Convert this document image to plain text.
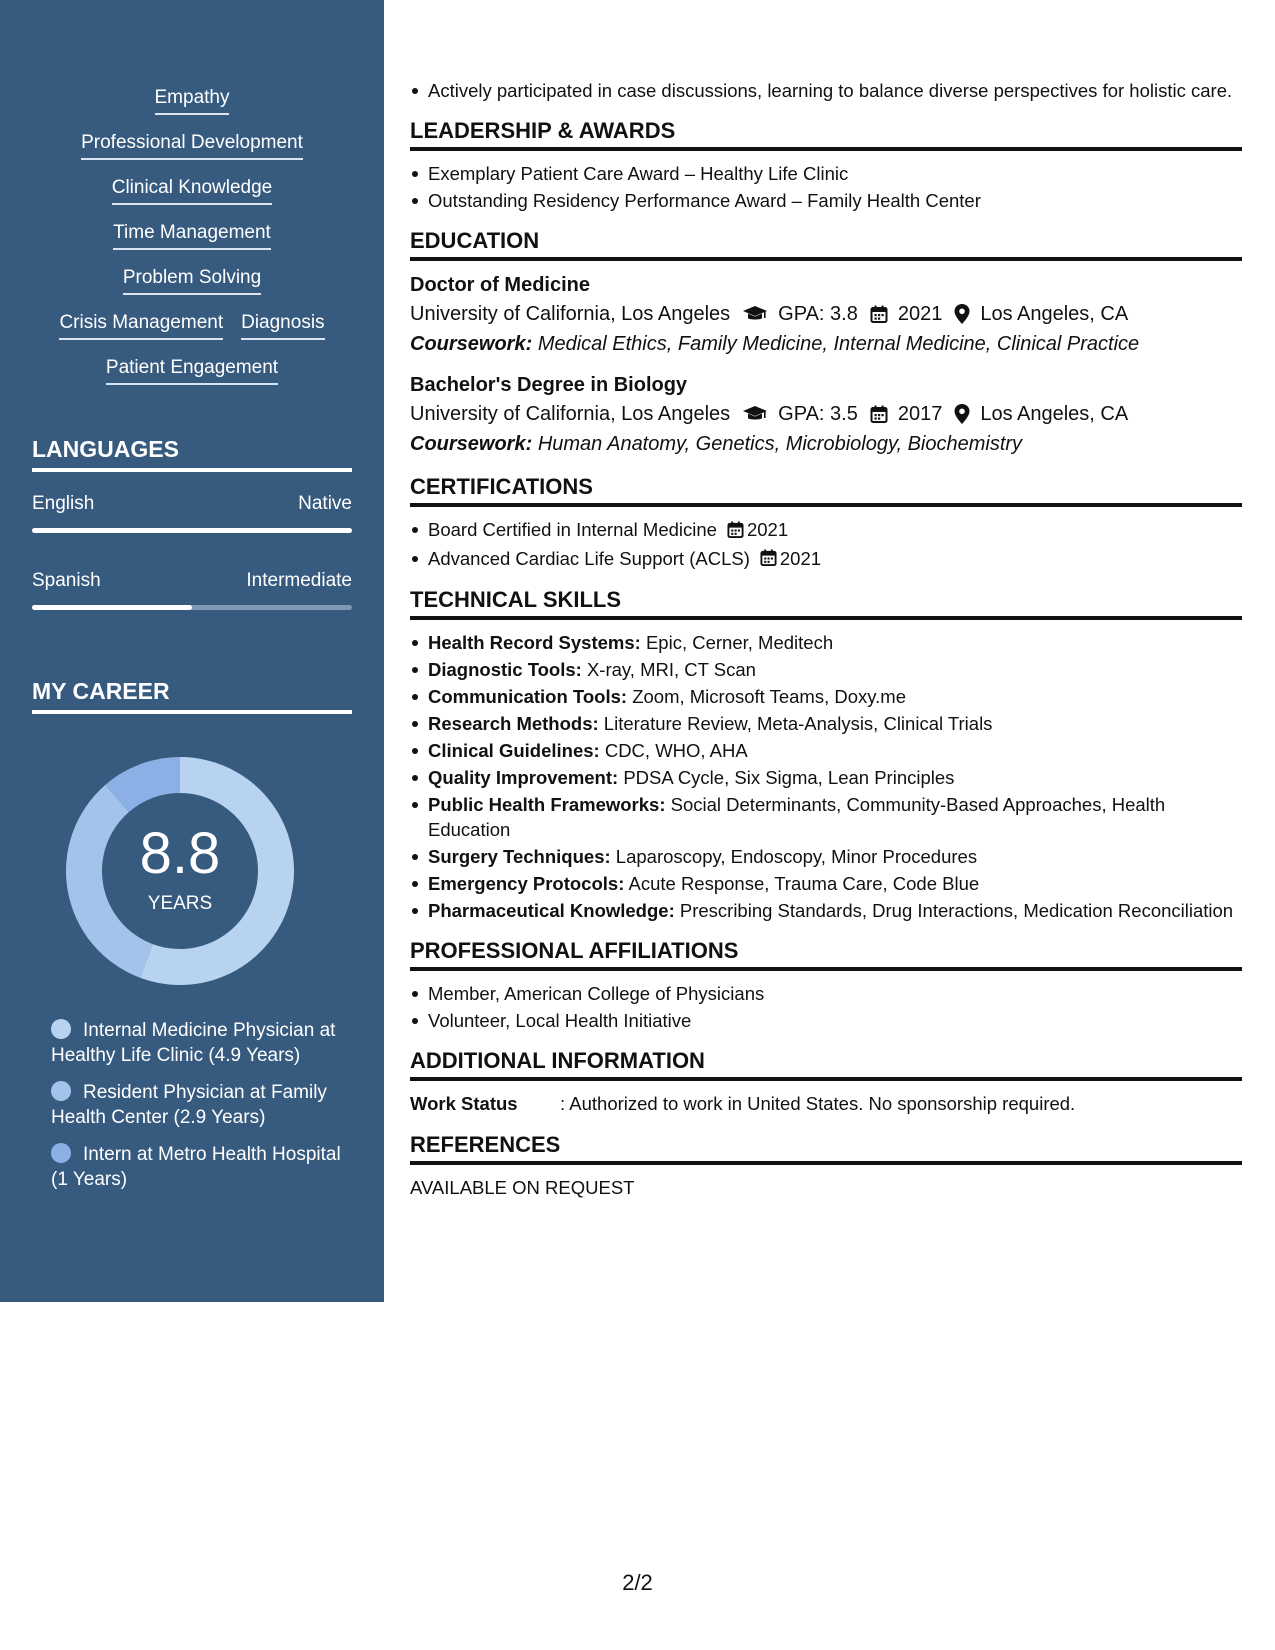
Empathy
Professional Development
Clinical Knowledge
Time Management
Problem Solving
Crisis Management Diagnosis
Patient Engagement
LANGUAGES
English	Native
Spanish	Intermediate
MY CAREER
8.8
YEARS
Internal Medicine Physician at Healthy Life Clinic (4.9 Years)
Resident Physician at Family Health Center (2.9 Years)
Intern at Metro Health Hospital (1 Years)
Actively participated in case discussions, learning to balance diverse perspectives for holistic care.
LEADERSHIP & AWARDS
Exemplary Patient Care Award – Healthy Life Clinic
Outstanding Residency Performance Award – Family Health Center
EDUCATION
Doctor of Medicine
University of California, Los Angeles GPA: 3.8 2021 Los Angeles, CA
Coursework: Medical Ethics, Family Medicine, Internal Medicine, Clinical Practice
Bachelor's Degree in Biology
University of California, Los Angeles GPA: 3.5 2017 Los Angeles, CA
Coursework: Human Anatomy, Genetics, Microbiology, Biochemistry
CERTIFICATIONS
Board Certified in Internal Medicine 2021
Advanced Cardiac Life Support (ACLS) 2021
TECHNICAL SKILLS
Health Record Systems: Epic, Cerner, Meditech
Diagnostic Tools: X-ray, MRI, CT Scan
Communication Tools: Zoom, Microsoft Teams, Doxy.me
Research Methods: Literature Review, Meta-Analysis, Clinical Trials
Clinical Guidelines: CDC, WHO, AHA
Quality Improvement: PDSA Cycle, Six Sigma, Lean Principles
Public Health Frameworks: Social Determinants, Community-Based Approaches, Health Education
Surgery Techniques: Laparoscopy, Endoscopy, Minor Procedures
Emergency Protocols: Acute Response, Trauma Care, Code Blue
Pharmaceutical Knowledge: Prescribing Standards, Drug Interactions, Medication Reconciliation
PROFESSIONAL AFFILIATIONS
Member, American College of Physicians
Volunteer, Local Health Initiative
ADDITIONAL INFORMATION
Work Status	: Authorized to work in United States. No sponsorship required.
REFERENCES
AVAILABLE ON REQUEST
2/2
